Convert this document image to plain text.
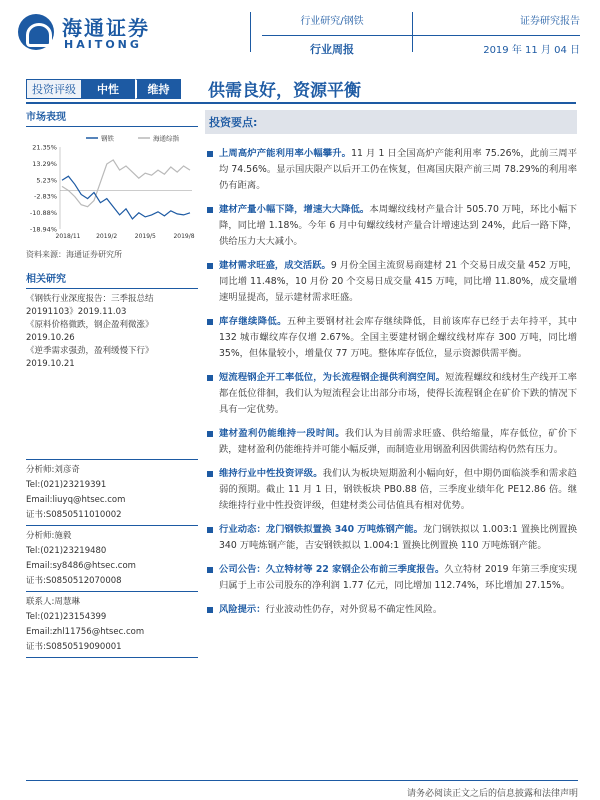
海通证券
HAITONG
行业研究/钢铁
行业周报
证券研究报告
2019 年 11 月 04 日
投资评级	中性	维持	供需良好，资源平衡
市场表现
21.35%
13.29%
5.23%
-2.83%
-10.88%
-18.94%
2018/11	2019/2	2019/5	2019/8
钢铁	海通综指
资料来源：海通证券研究所
相关研究
《钢铁行业深度报告：三季报总结
20191103》2019.11.03
《原料价格微跌，钢企盈利微涨》
2019.10.26
《逆季需求强劲，盈利缓慢下行》
2019.10.21
分析师:刘彦奇
Tel:(021)23219391
Email:liuyq@htsec.com
证书:S0850511010002
分析师:施毅
Tel:(021)23219480
Email:sy8486@htsec.com
证书:S0850512070008
联系人:周慧琳
Tel:(021)23154399
Email:zhl11756@htsec.com
证书:S0850519090001
投资要点:
上周高炉产能利用率小幅攀升。11 月 1 日全国高炉产能利用率 75.26%，此前三周平均 74.56%。显示国庆限产以后开工仍在恢复，但离国庆限产前三周 78.29%的利用率仍有距离。
建材产量小幅下降，增速大大降低。本周螺纹线材产量合计 505.70 万吨，环比小幅下降，同比增 1.18%。今年 6 月中旬螺纹线材产量合计增速达到 24%，此后一路下降，供给压力大大减小。
建材需求旺盛，成交活跃。9 月份全国主流贸易商建材 21 个交易日成交量 452 万吨，同比增 11.48%，10 月份 20 个交易日成交量 415 万吨，同比增 11.80%，成交量增速明显提高，显示建材需求旺盛。
库存继续降低。五种主要钢材社会库存继续降低，目前该库存已经于去年持平，其中 132 城市螺纹库存仅增 2.67%。全国主要建材钢企螺纹线材库存 300 万吨，同比增 35%，但体量较小，增量仅 77 万吨。整体库存低位，显示资源供需平衡。
短流程钢企开工率低位，为长流程钢企提供利润空间。短流程螺纹和线材生产线开工率都在低位徘徊，我们认为短流程会让出部分市场，使得长流程钢企在矿价下跌的情况下具有一定优势。
建材盈利仍能维持一段时间。我们认为目前需求旺盛、供给缩量，库存低位，矿价下跌，建材盈利仍能维持并可能小幅反弹，而制造业用钢盈利因供需结构仍然有压力。
维持行业中性投资评级。我们认为板块短期盈利小幅向好，但中期仍面临淡季和需求趋弱的预期。截止 11 月 1 日，钢铁板块 PB0.88 倍，三季度业绩年化 PE12.86 倍。继续维持行业中性投资评级，但建材类公司估值具有相对优势。
行业动态：龙门钢铁拟置换 340 万吨炼钢产能。龙门钢铁拟以 1.003:1 置换比例置换 340 万吨炼钢产能，吉安钢铁拟以 1.004:1 置换比例置换 110 万吨炼钢产能。
公司公告：久立特材等 22 家钢企公布前三季度报告。久立特材 2019 年第三季度实现归属于上市公司股东的净利润 1.77 亿元，同比增加 112.74%，环比增加 27.15%。
风险提示：行业波动性仍存，对外贸易不确定性风险。
请务必阅读正文之后的信息披露和法律声明
